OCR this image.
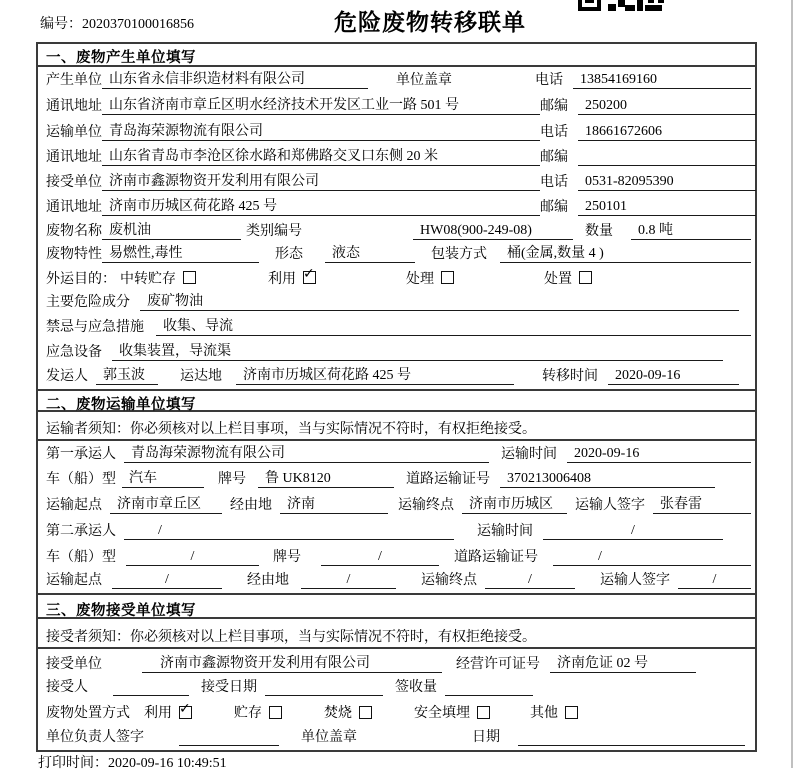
编号：2020370100016856	危险废物转移联单
一、废物产生单位填写
产生单位 山东省永信非织造材料有限公司	单位盖章	电话	13854169160
通讯地址 山东省济南市章丘区明水经济技术开发区工业一路 501 号	邮编	250200
运输单位 青岛海荣源物流有限公司	电话	18661672606
通讯地址 山东省青岛市李沧区徐水路和郑佛路交叉口东侧 20 米	邮编
接受单位 济南市鑫源物资开发利用有限公司	电话	0531-82095390
通讯地址 济南市历城区荷花路 425 号	邮编	250101
废物名称 废机油	类别编号	HW08(900-249-08)	数量	0.8 吨
废物特性 易燃性,毒性	形态	液态	包装方式	桶(金属,数量 4 )
外运目的： 中转贮存	利用 ✓	处理	处置
主要危险成分	废矿物油
禁忌与应急措施	收集、导流
应急设备	收集装置，导流渠
发运人	郭玉波	运达地	济南市历城区荷花路 425 号	转移时间	2020-09-16
二、废物运输单位填写
运输者须知：你必须核对以上栏目事项，当与实际情况不符时，有权拒绝接受。
第一承运人	青岛海荣源物流有限公司	运输时间	2020-09-16
车（船）型 汽车	牌号	鲁 UK8120	道路运输证号	370213006408
运输起点	济南市章丘区	经由地	济南	运输终点	济南市历城区	运输人签字	张春雷
第二承运人	/	运输时间	/
车（船）型	/	牌号	/	道路运输证号	/
运输起点	/	经由地	/	运输终点	/	运输人签字	/
三、废物接受单位填写
接受者须知：你必须核对以上栏目事项，当与实际情况不符时，有权拒绝接受。
接受单位	济南市鑫源物资开发利用有限公司	经营许可证号	济南危证 02 号
接受人	接受日期	签收量
废物处置方式 利用 ✓	贮存	焚烧	安全填埋	其他
单位负责人签字	单位盖章	日期
打印时间：2020-09-16 10:49:51
